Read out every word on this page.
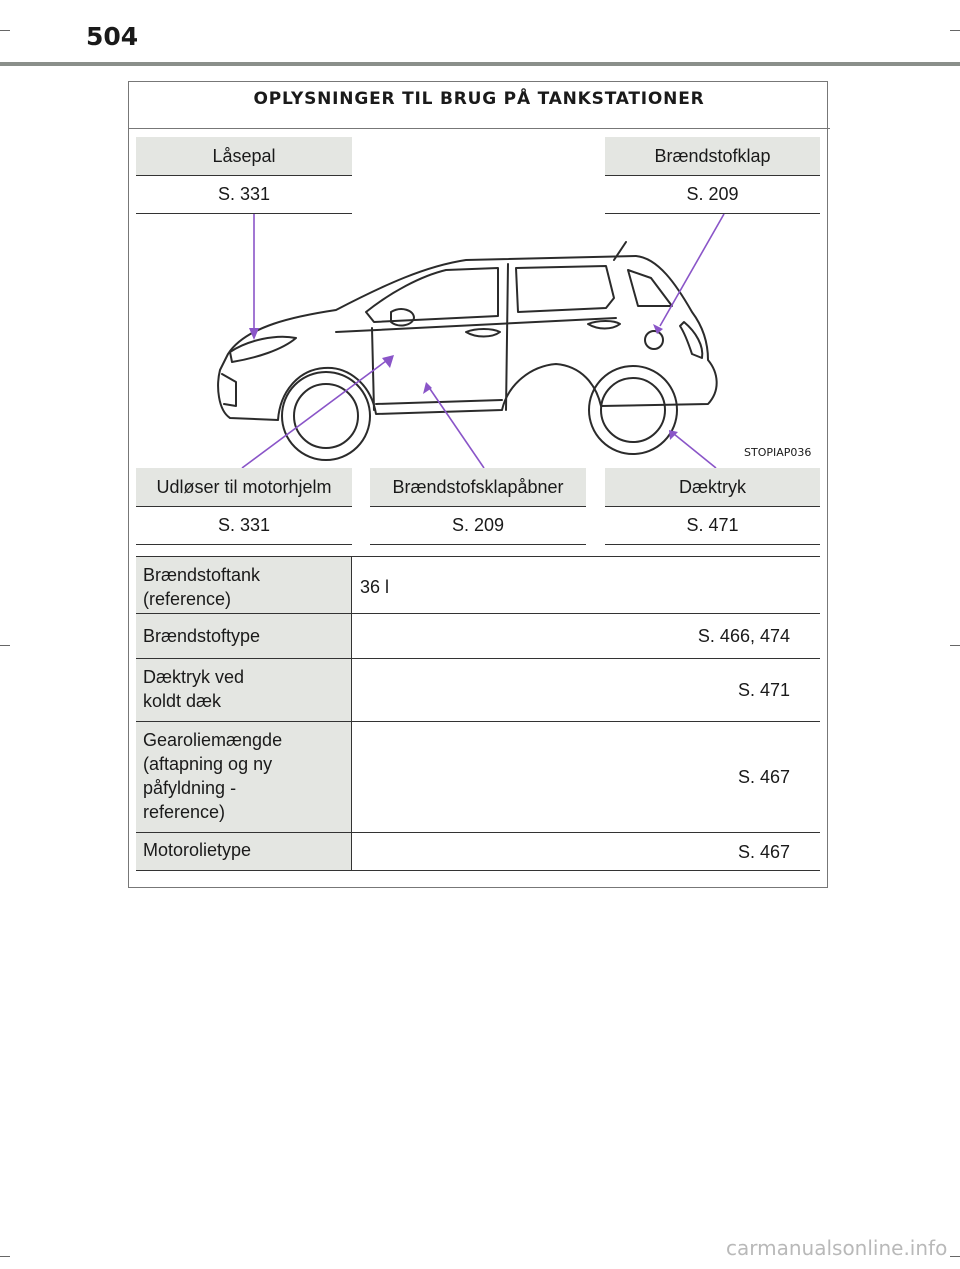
504
OPLYSNINGER TIL BRUG PÅ TANKSTATIONER
Låsepal
S. 331
Brændstofklap
S. 209
STOPIAP036
Udløser til motorhjelm
S. 331
Brændstofsklapåbner
S. 209
Dæktryk
S. 471
Brændstoftank
(reference)
36 l
Brændstoftype	S. 466, 474
Dæktryk ved
koldt dæk
S. 471
Gearoliemængde
(aftapning og ny
påfyldning -
reference)
S. 467
Motorolietype	S. 467
carmanualsonline.info
